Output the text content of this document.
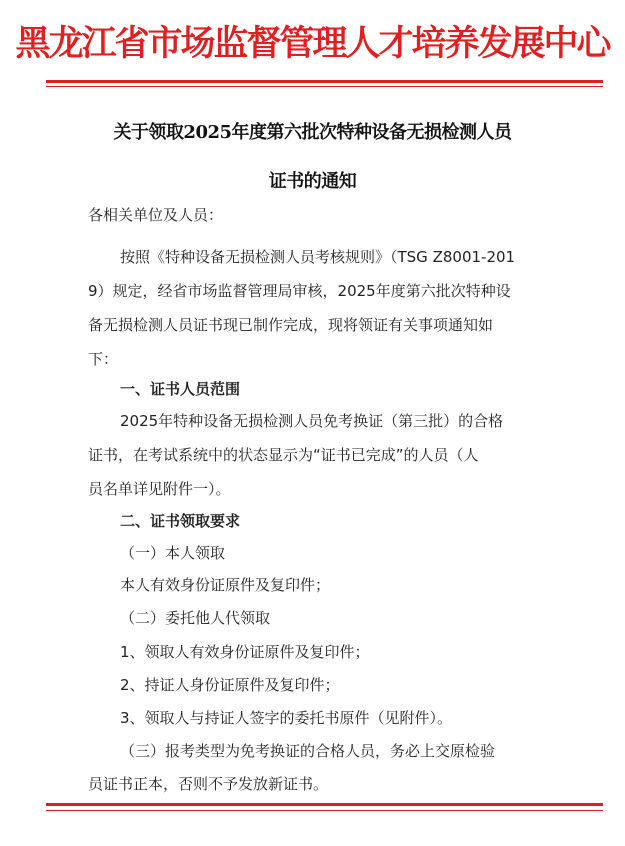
黑龙江省市场监督管理人才培养发展中心
关于领取2025年度第六批次特种设备无损检测人员
证书的通知
各相关单位及人员：
按照《特种设备无损检测人员考核规则》（TSG Z8001-201
9）规定，经省市场监督管理局审核，2025年度第六批次特种设
备无损检测人员证书现已制作完成，现将领证有关事项通知如
下：
一、证书人员范围
2025年特种设备无损检测人员免考换证（第三批）的合格
证书，在考试系统中的状态显示为“证书已完成”的人员（人
员名单详见附件一）。
二、证书领取要求
（一）本人领取
本人有效身份证原件及复印件；
（二）委托他人代领取
1、领取人有效身份证原件及复印件；
2、持证人身份证原件及复印件；
3、领取人与持证人签字的委托书原件（见附件）。
（三）报考类型为免考换证的合格人员，务必上交原检验
员证书正本，否则不予发放新证书。
